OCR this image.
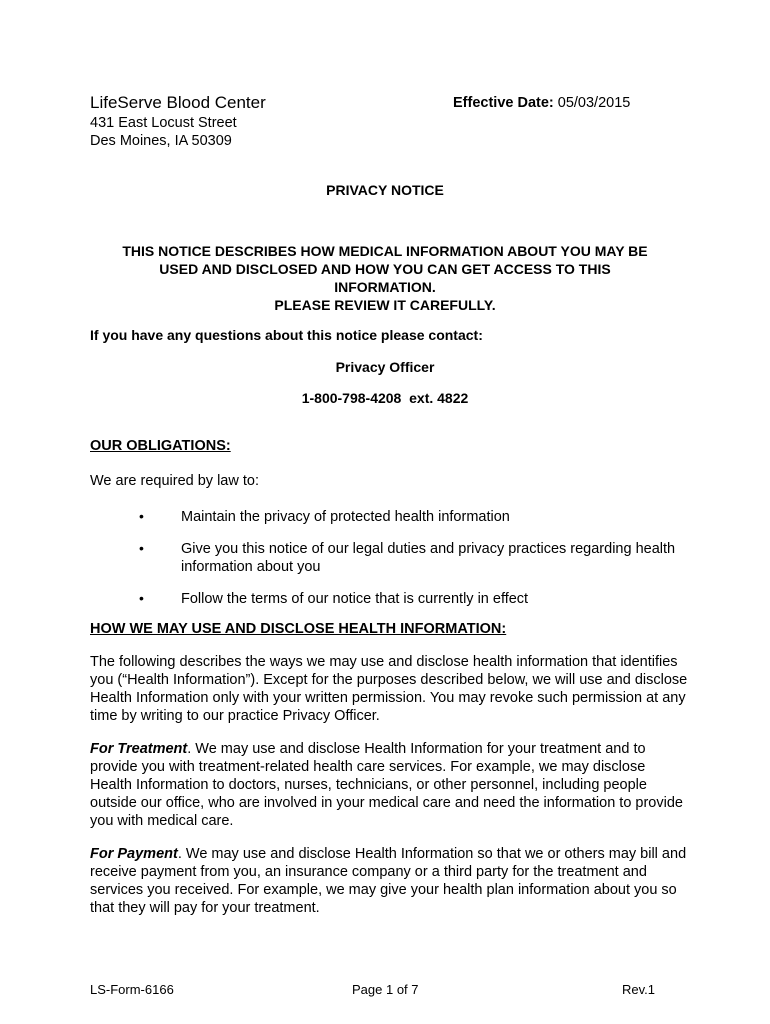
LifeServe Blood Center
431 East Locust Street
Des Moines, IA 50309
Effective Date: 05/03/2015
PRIVACY NOTICE
THIS NOTICE DESCRIBES HOW MEDICAL INFORMATION ABOUT YOU MAY BE
USED AND DISCLOSED AND HOW YOU CAN GET ACCESS TO THIS
INFORMATION.
PLEASE REVIEW IT CAREFULLY.
If you have any questions about this notice please contact:
Privacy Officer
1-800-798-4208  ext. 4822
OUR OBLIGATIONS:
We are required by law to:
•	Maintain the privacy of protected health information
•	Give you this notice of our legal duties and privacy practices regarding health information about you
•	Follow the terms of our notice that is currently in effect
HOW WE MAY USE AND DISCLOSE HEALTH INFORMATION:
The following describes the ways we may use and disclose health information that identifies you (“Health Information”). Except for the purposes described below, we will use and disclose Health Information only with your written permission. You may revoke such permission at any time by writing to our practice Privacy Officer.
For Treatment. We may use and disclose Health Information for your treatment and to provide you with treatment-related health care services. For example, we may disclose Health Information to doctors, nurses, technicians, or other personnel, including people outside our office, who are involved in your medical care and need the information to provide you with medical care.
For Payment. We may use and disclose Health Information so that we or others may bill and receive payment from you, an insurance company or a third party for the treatment and services you received. For example, we may give your health plan information about you so that they will pay for your treatment.
LS-Form-6166	Page 1 of 7	Rev.1
